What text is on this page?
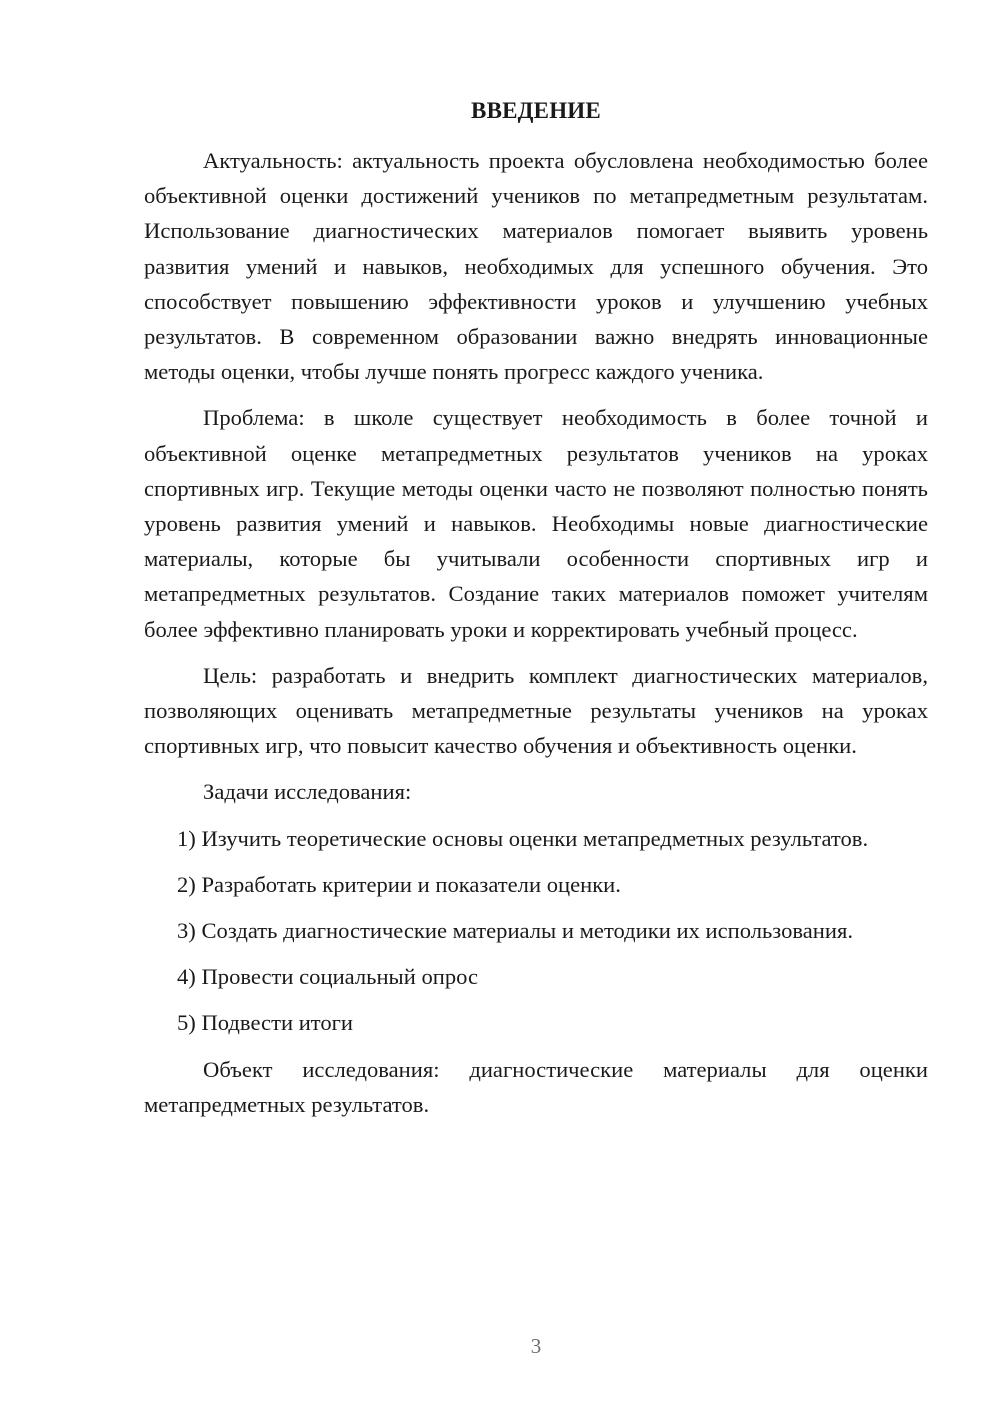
ВВЕДЕНИЕ

Актуальность: актуальность проекта обусловлена необходимостью более объективной оценки достижений учеников по метапредметным результатам. Использование диагностических материалов помогает выявить уровень развития умений и навыков, необходимых для успешного обучения. Это способствует повышению эффективности уроков и улучшению учебных результатов. В современном образовании важно внедрять инновационные методы оценки, чтобы лучше понять прогресс каждого ученика.

Проблема: в школе существует необходимость в более точной и объективной оценке метапредметных результатов учеников на уроках спортивных игр. Текущие методы оценки часто не позволяют полностью понять уровень развития умений и навыков. Необходимы новые диагностические материалы, которые бы учитывали особенности спортивных игр и метапредметных результатов. Создание таких материалов поможет учителям более эффективно планировать уроки и корректировать учебный процесс.

Цель: разработать и внедрить комплект диагностических материалов, позволяющих оценивать метапредметные результаты учеников на уроках спортивных игр, что повысит качество обучения и объективность оценки.

Задачи исследования:

1) Изучить теоретические основы оценки метапредметных результатов.

2) Разработать критерии и показатели оценки.

3) Создать диагностические материалы и методики их использования.

4) Провести социальный опрос

5) Подвести итоги

Объект исследования: диагностические материалы для оценки метапредметных результатов.

3
